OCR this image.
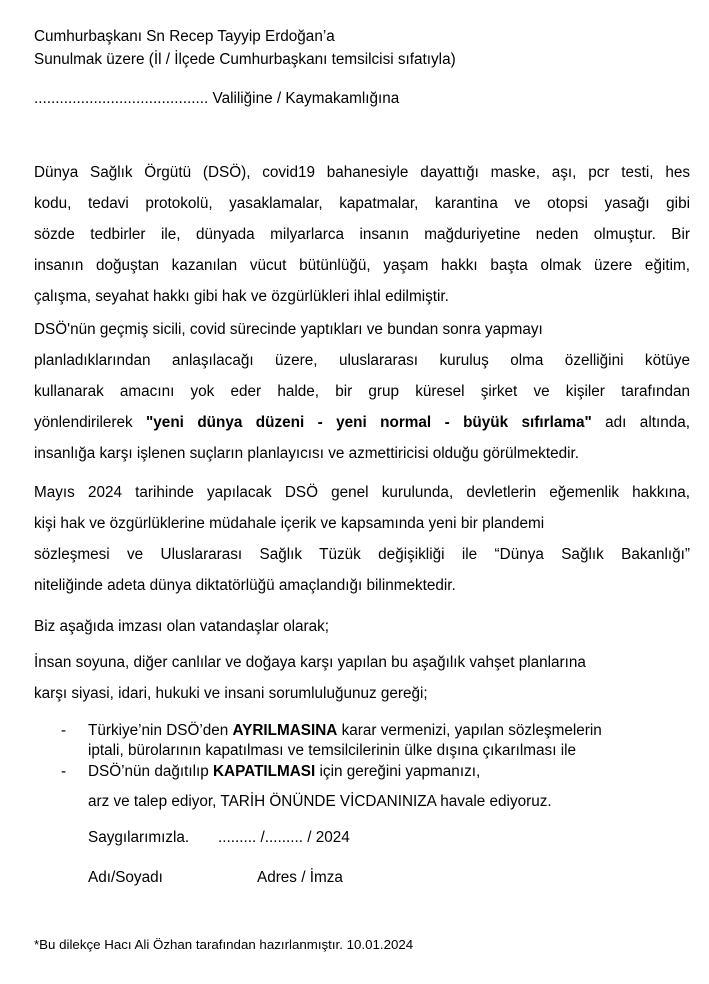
Cumhurbaşkanı Sn Recep Tayyip Erdoğan’a
Sunulmak üzere (İl / İlçede Cumhurbaşkanı temsilcisi sıfatıyla)
......................................... Valiliğine / Kaymakamlığına
Dünya Sağlık Örgütü (DSÖ), covid19 bahanesiyle dayattığı maske, aşı, pcr testi, hes
kodu, tedavi protokolü, yasaklamalar, kapatmalar, karantina ve otopsi yasağı gibi
sözde tedbirler ile, dünyada milyarlarca insanın mağduriyetine neden olmuştur. Bir
insanın doğuştan kazanılan vücut bütünlüğü, yaşam hakkı başta olmak üzere eğitim,
çalışma, seyahat hakkı gibi hak ve özgürlükleri ihlal edilmiştir.
DSÖ'nün geçmiş sicili, covid sürecinde yaptıkları ve bundan sonra yapmayı
planladıklarından anlaşılacağı üzere, uluslararası kuruluş olma özelliğini kötüye
kullanarak amacını yok eder halde, bir grup küresel şirket ve kişiler tarafından
yönlendirilerek "yeni dünya düzeni - yeni normal - büyük sıfırlama" adı altında,
insanlığa karşı işlenen suçların planlayıcısı ve azmettiricisi olduğu görülmektedir.
Mayıs 2024 tarihinde yapılacak DSÖ genel kurulunda, devletlerin eğemenlik hakkına,
kişi hak ve özgürlüklerine müdahale içerik ve kapsamında yeni bir plandemi
sözleşmesi ve Uluslararası Sağlık Tüzük değişikliği ile “Dünya Sağlık Bakanlığı”
niteliğinde adeta dünya diktatörlüğü amaçlandığı bilinmektedir.
Biz aşağıda imzası olan vatandaşlar olarak;
İnsan soyuna, diğer canlılar ve doğaya karşı yapılan bu aşağılık vahşet planlarına
karşı siyasi, idari, hukuki ve insani sorumluluğunuz gereği;
- Türkiye’nin DSÖ’den AYRILMASINA karar vermenizi, yapılan sözleşmelerin
iptali, bürolarının kapatılması ve temsilcilerinin ülke dışına çıkarılması ile
- DSÖ’nün dağıtılıp KAPATILMASI için gereğini yapmanızı,
arz ve talep ediyor, TARİH ÖNÜNDE VİCDANINIZA havale ediyoruz.
Saygılarımızla. ......... /......... / 2024
Adı/Soyadı	Adres / İmza
*Bu dilekçe Hacı Ali Özhan tarafından hazırlanmıştır. 10.01.2024
